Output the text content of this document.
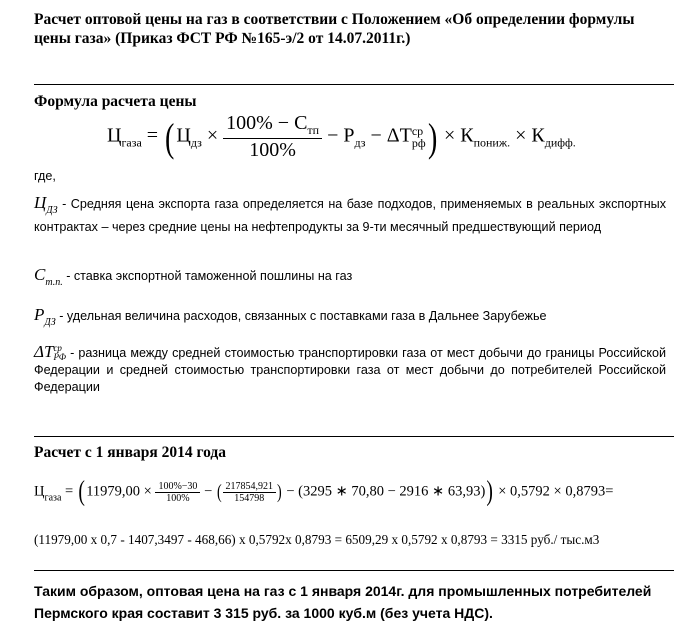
Расчет оптовой цены на газ в соответствии с Положением «Об определении формулы цены газа» (Приказ ФСТ РФ №165-э/2 от 14.07.2011г.)
Формула расчета цены
$Ц_{газа} = (Ц_{дз} \times \frac{100\% - С_{тп}}{100\%} - Р_{дз} - \Delta Т$ ср
рф ) × $К_{пониж.} \times К_{дифф.}$
где,
$Ц_{ДЗ}$ - Средняя цена экспорта газа определяется на базе подходов, применяемых в реальных экспортных контрактах – через средние цены на нефтепродукты за 9-ти месячный предшествующий период
$С_{т.п.}$ - ставка экспортной таможенной пошлины на газ
$Р_{ДЗ}$ - удельная величина расходов, связанных с поставками газа в Дальнее Зарубежье
ΔТ ср
РФ - разница между средней стоимостью транспортировки газа от мест добычи до границы Российской Федерации и средней стоимостью транспортировки газа от мест добычи до потребителей Российской Федерации
Расчет с 1 января 2014 года
$Ц_{газа} = (11979,00 \times \frac{100\%-30}{100\%}$ − ( $\frac{217854,921}{154798}$ ) − (3295 ∗ 70,80 − 2916 ∗ 63,93)) × 0,5792 × 0,8793=
(11979,00 х 0,7 - 1407,3497 - 468,66) х 0,5792х 0,8793 = 6509,29 х 0,5792 х 0,8793 = 3315 руб./ тыс.м3
Таким образом, оптовая цена на газ с 1 января 2014г. для промышленных потребителей Пермского края составит 3 315 руб. за 1000 куб.м (без учета НДС).
